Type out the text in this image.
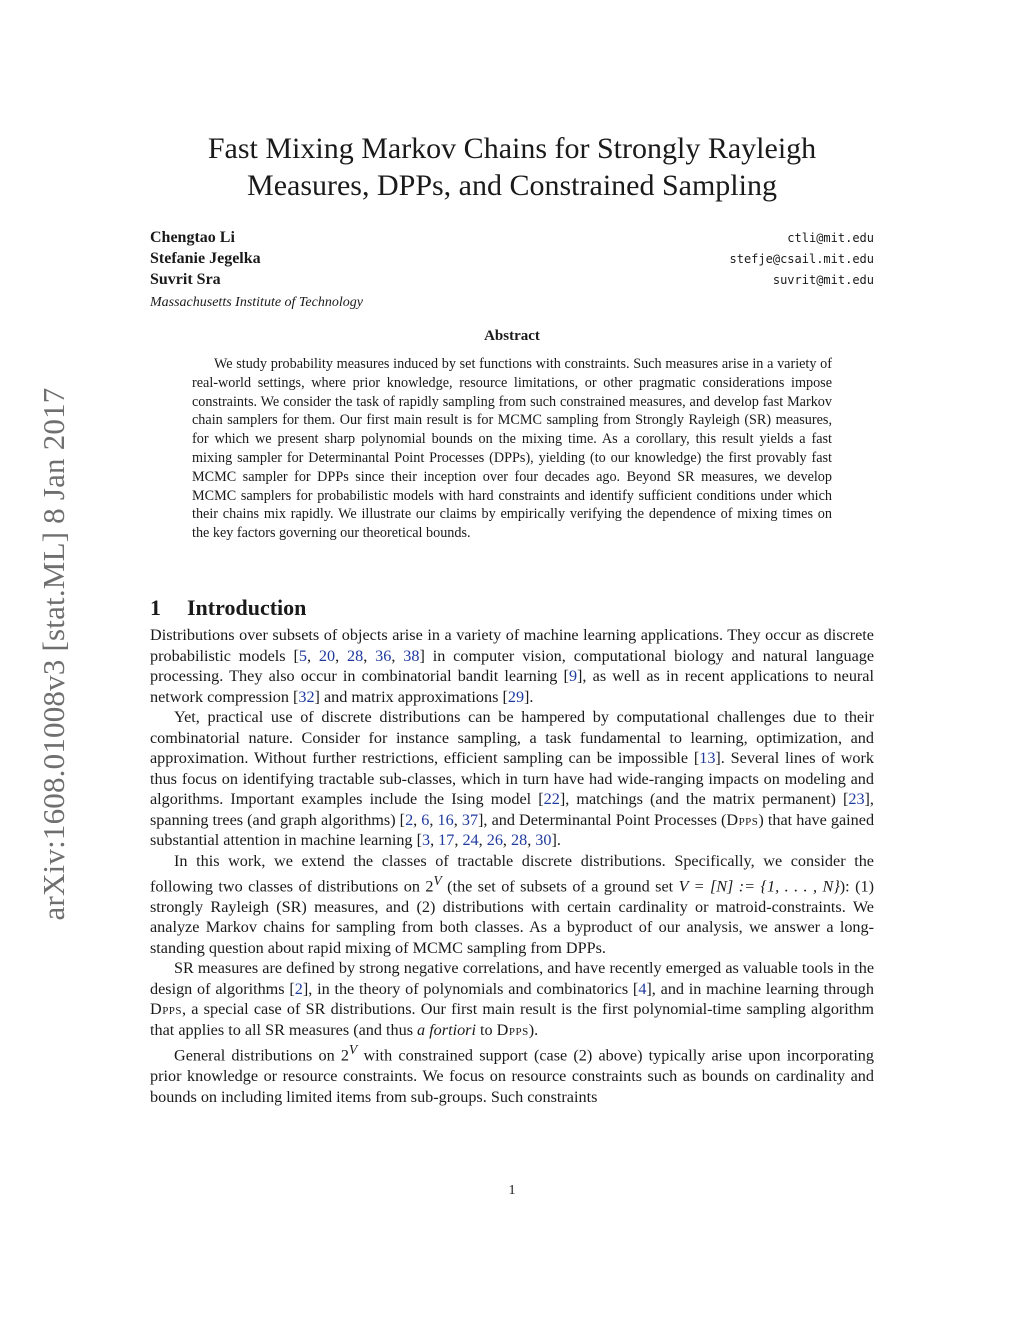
arXiv:1608.01008v3 [stat.ML] 8 Jan 2017
Fast Mixing Markov Chains for Strongly Rayleigh
Measures, DPPs, and Constrained Sampling
Chengtao Li	ctli@mit.edu
Stefanie Jegelka	stefje@csail.mit.edu
Suvrit Sra	suvrit@mit.edu
Massachusetts Institute of Technology
Abstract

We study probability measures induced by set functions with constraints. Such measures arise in a variety of real-world settings, where prior knowledge, resource limitations, or other pragmatic considerations impose constraints. We consider the task of rapidly sampling from such constrained measures, and develop fast Markov chain samplers for them. Our first main result is for MCMC sampling from Strongly Rayleigh (SR) measures, for which we present sharp polynomial bounds on the mixing time. As a corollary, this result yields a fast mixing sampler for Determinantal Point Processes (DPPs), yielding (to our knowledge) the first provably fast MCMC sampler for DPPs since their inception over four decades ago. Beyond SR measures, we develop MCMC samplers for probabilistic models with hard constraints and identify sufficient conditions under which their chains mix rapidly. We illustrate our claims by empirically verifying the dependence of mixing times on the key factors governing our theoretical bounds.

1 Introduction

Distributions over subsets of objects arise in a variety of machine learning applications. They occur as discrete probabilistic models [5, 20, 28, 36, 38] in computer vision, computational biology and natural language processing. They also occur in combinatorial bandit learning [9], as well as in recent applications to neural network compression [32] and matrix approximations [29].

Yet, practical use of discrete distributions can be hampered by computational challenges due to their combinatorial nature. Consider for instance sampling, a task fundamental to learning, optimization, and approximation. Without further restrictions, efficient sampling can be impossible [13]. Several lines of work thus focus on identifying tractable sub-classes, which in turn have had wide-ranging impacts on modeling and algorithms. Important examples include the Ising model [22], matchings (and the matrix permanent) [23], spanning trees (and graph algorithms) [2, 6, 16, 37], and Determinantal Point Processes (Dpps) that have gained substantial attention in machine learning [3, 17, 24, 26, 28, 30].

In this work, we extend the classes of tractable discrete distributions. Specifically, we consider the following two classes of distributions on $2^V$ (the set of subsets of a ground set V = [N] := {1, . . . , N}): (1) strongly Rayleigh (SR) measures, and (2) distributions with certain cardinality or matroid-constraints. We analyze Markov chains for sampling from both classes. As a byproduct of our analysis, we answer a long-standing question about rapid mixing of MCMC sampling from DPPs.

SR measures are defined by strong negative correlations, and have recently emerged as valuable tools in the design of algorithms [2], in the theory of polynomials and combinatorics [4], and in machine learning through Dpps, a special case of SR distributions. Our first main result is the first polynomial-time sampling algorithm that applies to all SR measures (and thus a fortiori to Dpps).

General distributions on $2^V$ with constrained support (case (2) above) typically arise upon incorporating prior knowledge or resource constraints. We focus on resource constraints such as bounds on cardinality and bounds on including limited items from sub-groups. Such constraints

1
